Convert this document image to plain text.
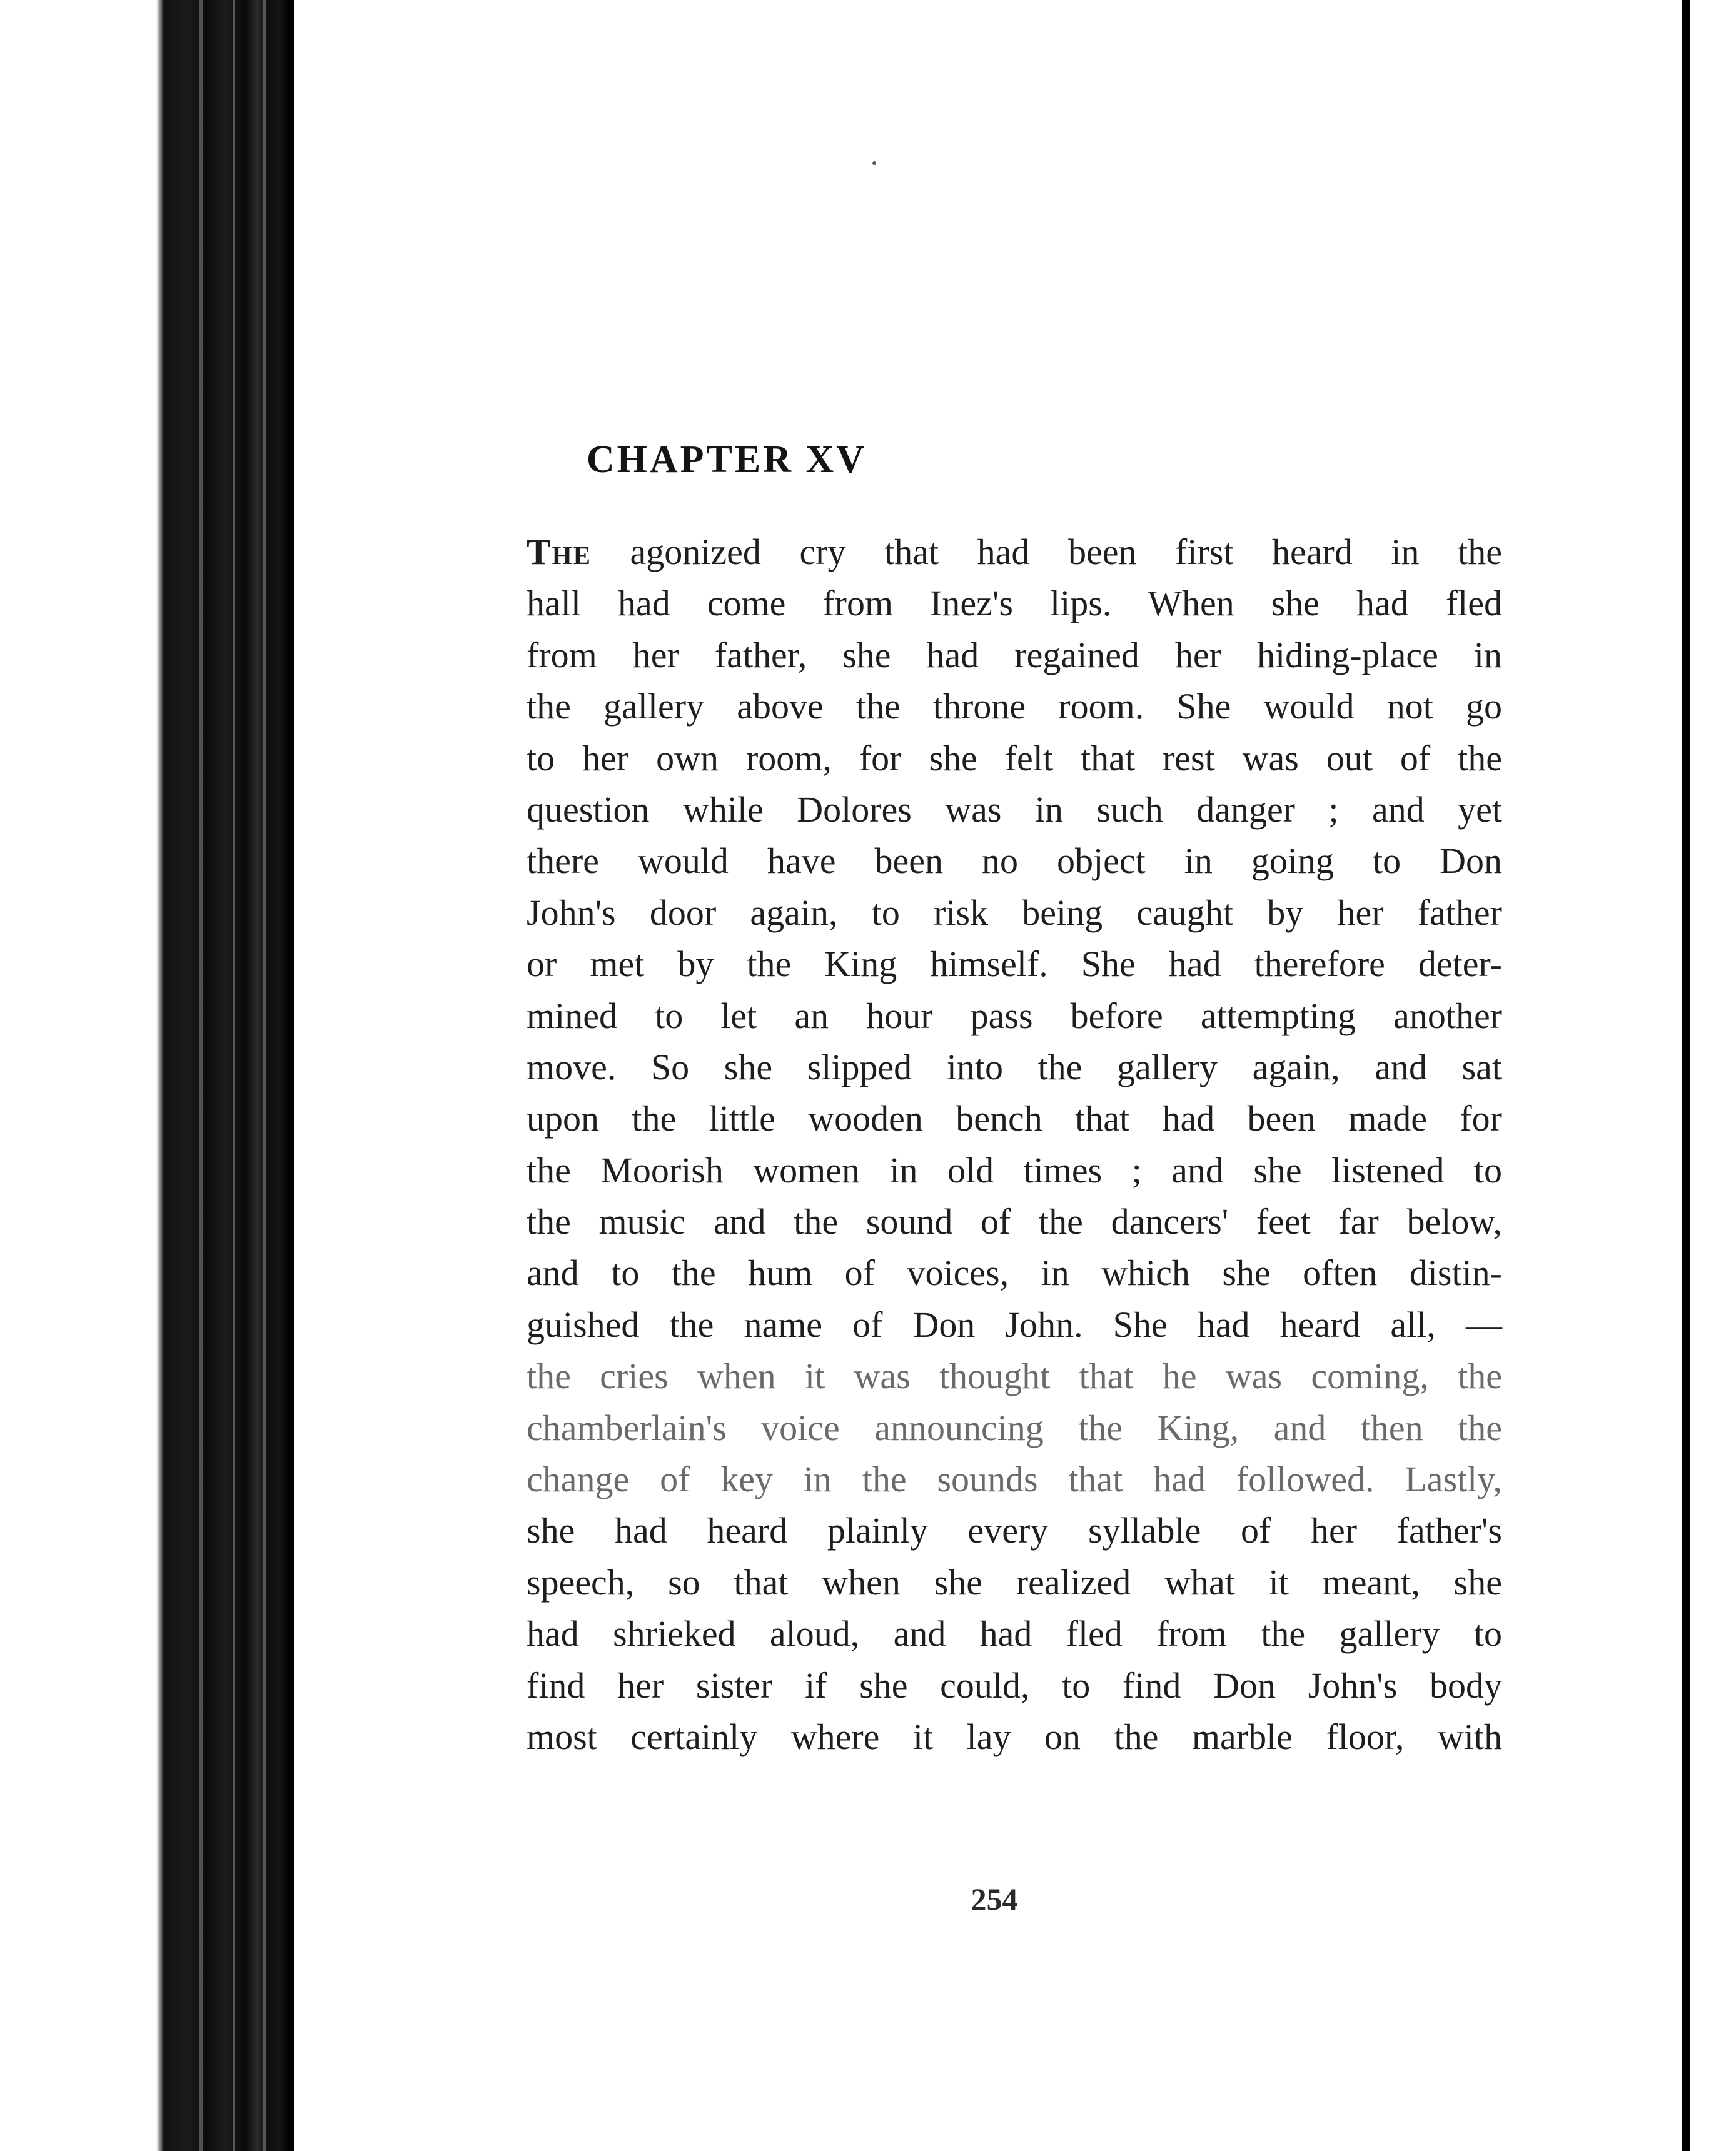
CHAPTER XV
The agonized cry that had been first heard in the
hall had come from Inez's lips. When she had fled
from her father, she had regained her hiding-place in
the gallery above the throne room. She would not go
to her own room, for she felt that rest was out of the
question while Dolores was in such danger ; and yet
there would have been no object in going to Don
John's door again, to risk being caught by her father
or met by the King himself. She had therefore deter-
mined to let an hour pass before attempting another
move. So she slipped into the gallery again, and sat
upon the little wooden bench that had been made for
the Moorish women in old times ; and she listened to
the music and the sound of the dancers' feet far below,
and to the hum of voices, in which she often distin-
guished the name of Don John. She had heard all, —
the cries when it was thought that he was coming, the
chamberlain's voice announcing the King, and then the
change of key in the sounds that had followed. Lastly,
she had heard plainly every syllable of her father's
speech, so that when she realized what it meant, she
had shrieked aloud, and had fled from the gallery to
find her sister if she could, to find Don John's body
most certainly where it lay on the marble floor, with
254
